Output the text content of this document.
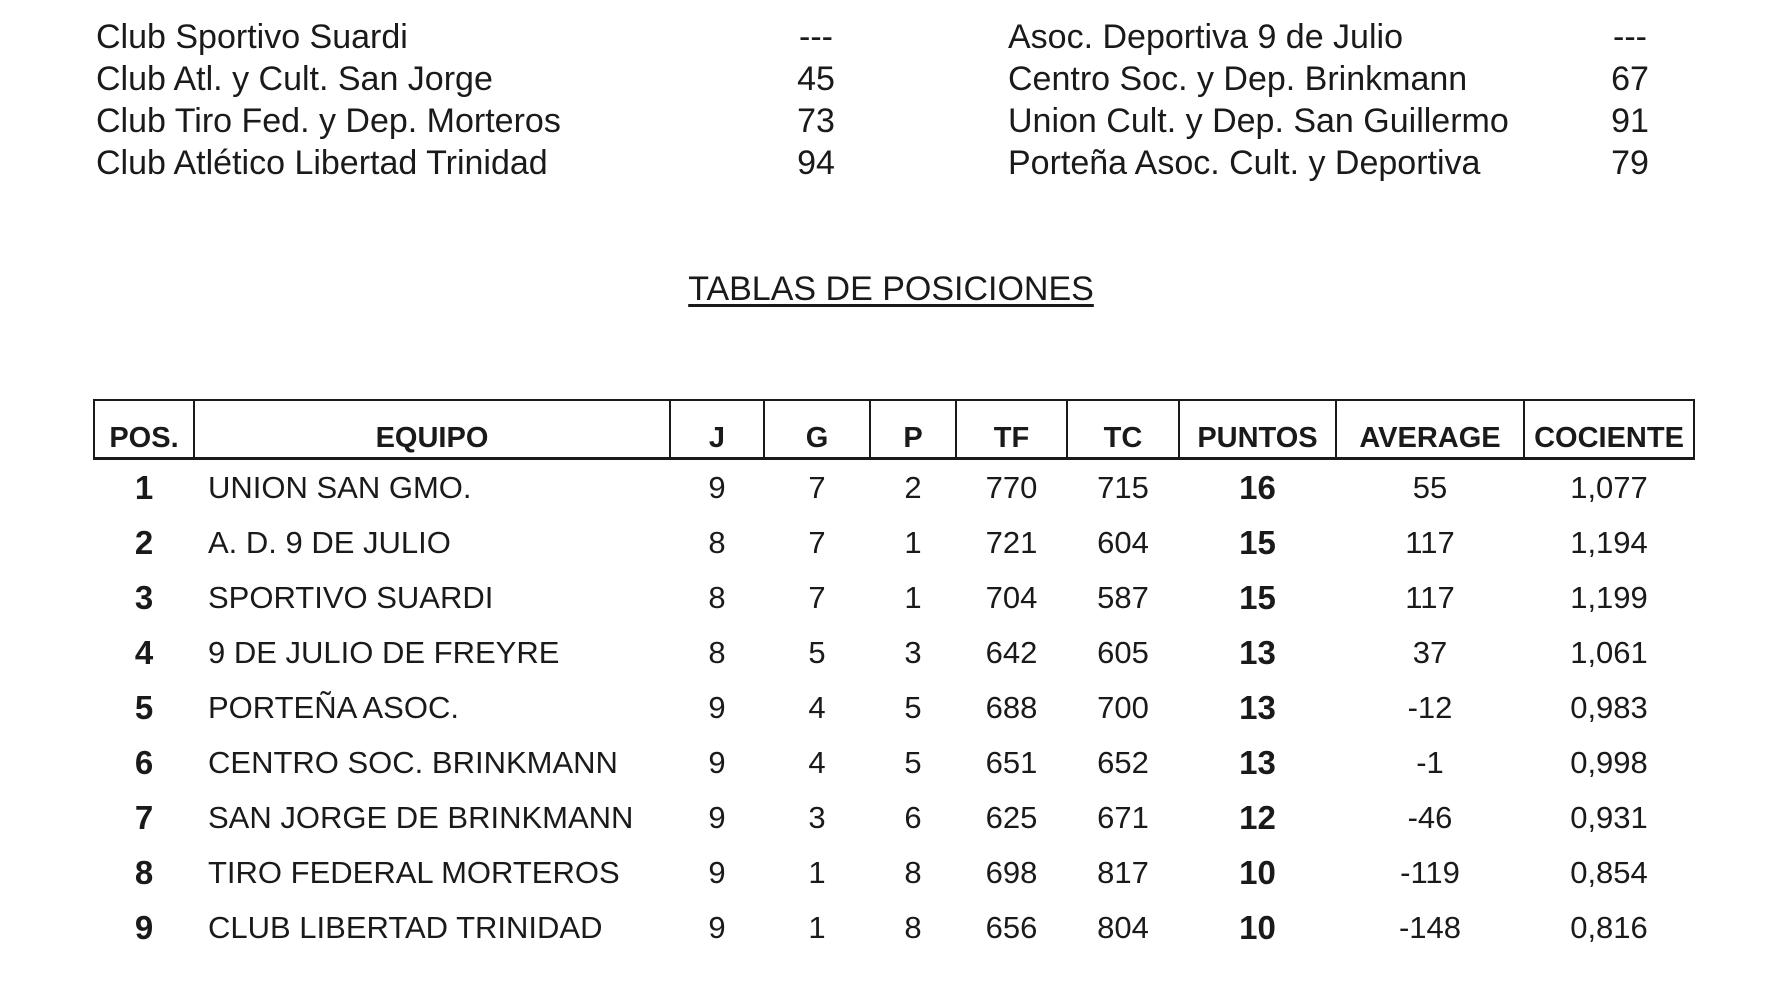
Club Sportivo Suardi	---
Club Atl. y Cult. San Jorge	45
Club Tiro Fed. y Dep. Morteros	73
Club Atlético Libertad Trinidad	94
Asoc. Deportiva 9 de Julio	---
Centro Soc. y Dep. Brinkmann	67
Union Cult. y Dep. San Guillermo	91
Porteña Asoc. Cult. y Deportiva	79
TABLAS DE POSICIONES
POS.	EQUIPO	J	G	P	TF	TC	PUNTOS	AVERAGE	COCIENTE
1	UNION SAN GMO.	9	7	2	770	715	16	55	1,077
2	A. D. 9 DE JULIO	8	7	1	721	604	15	117	1,194
3	SPORTIVO SUARDI	8	7	1	704	587	15	117	1,199
4	9 DE JULIO DE FREYRE	8	5	3	642	605	13	37	1,061
5	PORTEÑA ASOC.	9	4	5	688	700	13	-12	0,983
6	CENTRO SOC. BRINKMANN	9	4	5	651	652	13	-1	0,998
7	SAN JORGE DE BRINKMANN	9	3	6	625	671	12	-46	0,931
8	TIRO FEDERAL MORTEROS	9	1	8	698	817	10	-119	0,854
9	CLUB LIBERTAD TRINIDAD	9	1	8	656	804	10	-148	0,816
